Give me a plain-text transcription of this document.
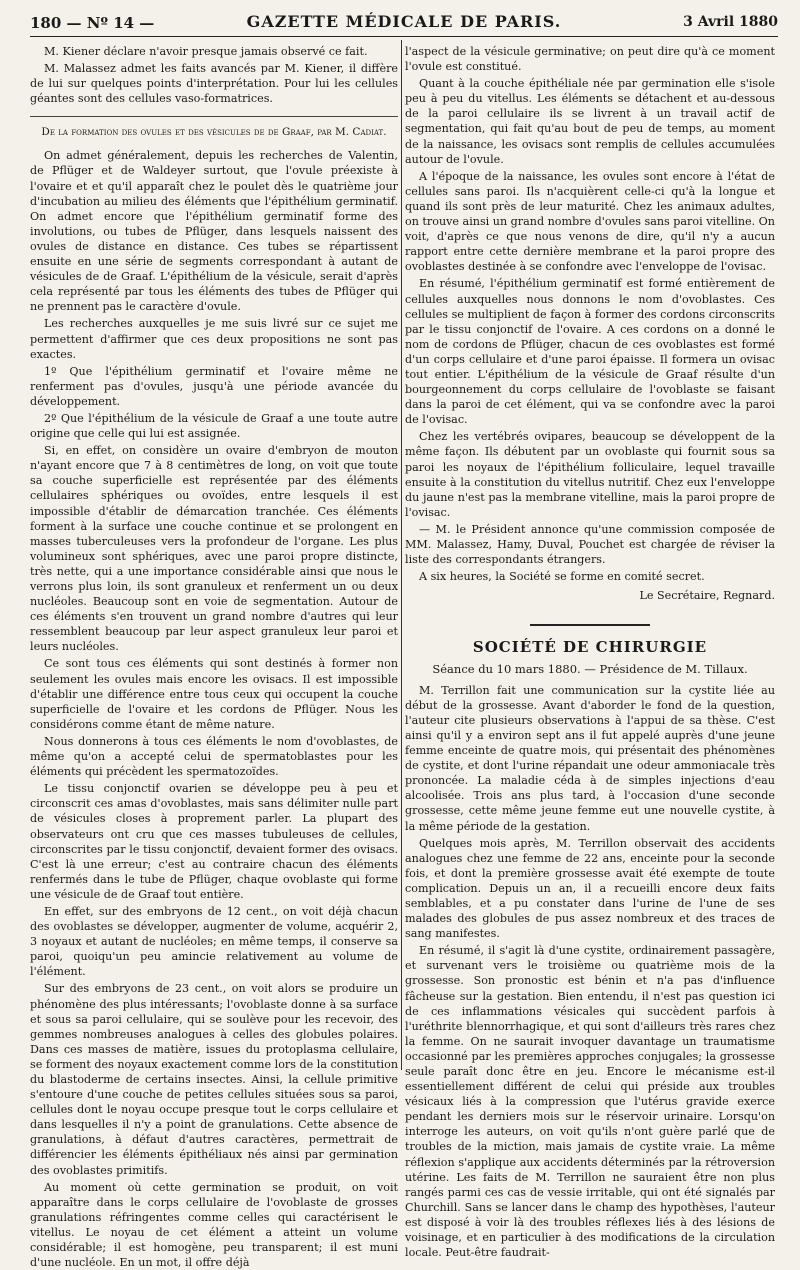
180 — Nº 14 —	GAZETTE MÉDICALE DE PARIS.	3 Avril 1880

M. Kiener déclare n'avoir presque jamais observé ce fait.

M. Malassez admet les faits avancés par M. Kiener, il diffère de lui sur quelques points d'interprétation. Pour lui les cellules géantes sont des cellules vaso-formatrices.

De la formation des ovules et des vésicules de de Graaf, par M. Cadiat.

On admet généralement, depuis les recherches de Valentin, de Pflüger et de Waldeyer surtout, que l'ovule préexiste à l'ovaire et et qu'il apparaît chez le poulet dès le quatrième jour d'incubation au milieu des éléments que l'épithélium germinatif. On admet encore que l'épithélium germinatif forme des involutions, ou tubes de Pflüger, dans lesquels naissent des ovules de distance en distance. Ces tubes se répartissent ensuite en une série de segments correspondant à autant de vésicules de de Graaf. L'épithélium de la vésicule, serait d'après cela représenté par tous les éléments des tubes de Pflüger qui ne prennent pas le caractère d'ovule.

Les recherches auxquelles je me suis livré sur ce sujet me permettent d'affirmer que ces deux propositions ne sont pas exactes.

1º Que l'épithélium germinatif et l'ovaire même ne renferment pas d'ovules, jusqu'à une période avancée du développement.

2º Que l'épithélium de la vésicule de Graaf a une toute autre origine que celle qui lui est assignée.

Si, en effet, on considère un ovaire d'embryon de mouton n'ayant encore que 7 à 8 centimètres de long, on voit que toute sa couche superficielle est représentée par des éléments cellulaires sphériques ou ovoïdes, entre lesquels il est impossible d'établir de démarcation tranchée. Ces éléments forment à la surface une couche continue et se prolongent en masses tuberculeuses vers la profondeur de l'organe. Les plus volumineux sont sphériques, avec une paroi propre distincte, très nette, qui a une importance considérable ainsi que nous le verrons plus loin, ils sont granuleux et renferment un ou deux nucléoles. Beaucoup sont en voie de segmentation. Autour de ces éléments s'en trouvent un grand nombre d'autres qui leur ressemblent beaucoup par leur aspect granuleux leur paroi et leurs nucléoles.

Ce sont tous ces éléments qui sont destinés à former non seulement les ovules mais encore les ovisacs. Il est impossible d'établir une différence entre tous ceux qui occupent la couche superficielle de l'ovaire et les cordons de Pflüger. Nous les considérons comme étant de même nature.

Nous donnerons à tous ces éléments le nom d'ovoblastes, de même qu'on a accepté celui de spermatoblastes pour les éléments qui précèdent les spermatozoïdes.

Le tissu conjonctif ovarien se développe peu à peu et circonscrit ces amas d'ovoblastes, mais sans délimiter nulle part de vésicules closes à proprement parler. La plupart des observateurs ont cru que ces masses tubuleuses de cellules, circonscrites par le tissu conjonctif, devaient former des ovisacs. C'est là une erreur; c'est au contraire chacun des éléments renfermés dans le tube de Pflüger, chaque ovoblaste qui forme une vésicule de de Graaf tout entière.

En effet, sur des embryons de 12 cent., on voit déjà chacun des ovoblastes se développer, augmenter de volume, acquérir 2, 3 noyaux et autant de nucléoles; en même temps, il conserve sa paroi, quoiqu'un peu amincie relativement au volume de l'élément.

Sur des embryons de 23 cent., on voit alors se produire un phénomène des plus intéressants; l'ovoblaste donne à sa surface et sous sa paroi cellulaire, qui se soulève pour les recevoir, des gemmes nombreuses analogues à celles des globules polaires. Dans ces masses de matière, issues du protoplasma cellulaire, se forment des noyaux exactement comme lors de la constitution du blastoderme de certains insectes. Ainsi, la cellule primitive s'entoure d'une couche de petites cellules situées sous sa paroi, cellules dont le noyau occupe presque tout le corps cellulaire et dans lesquelles il n'y a point de granulations. Cette absence de granulations, à défaut d'autres caractères, permettrait de différencier les éléments épithéliaux nés ainsi par germination des ovoblastes primitifs.

Au moment où cette germination se produit, on voit apparaître dans le corps cellulaire de l'ovoblaste de grosses granulations réfringentes comme celles qui caractérisent le vitellus. Le noyau de cet élément a atteint un volume considérable; il est homogène, peu transparent; il est muni d'une nucléole. En un mot, il offre déjà

l'aspect de la vésicule germinative; on peut dire qu'à ce moment l'ovule est constitué.

Quant à la couche épithéliale née par germination elle s'isole peu à peu du vitellus. Les éléments se détachent et au-dessous de la paroi cellulaire ils se livrent à un travail actif de segmentation, qui fait qu'au bout de peu de temps, au moment de la naissance, les ovisacs sont remplis de cellules accumulées autour de l'ovule.

A l'époque de la naissance, les ovules sont encore à l'état de cellules sans paroi. Ils n'acquièrent celle-ci qu'à la longue et quand ils sont près de leur maturité. Chez les animaux adultes, on trouve ainsi un grand nombre d'ovules sans paroi vitelline. On voit, d'après ce que nous venons de dire, qu'il n'y a aucun rapport entre cette dernière membrane et la paroi propre des ovoblastes destinée à se confondre avec l'enveloppe de l'ovisac.

En résumé, l'épithélium germinatif est formé entièrement de cellules auxquelles nous donnons le nom d'ovoblastes. Ces cellules se multiplient de façon à former des cordons circonscrits par le tissu conjonctif de l'ovaire. A ces cordons on a donné le nom de cordons de Pflüger, chacun de ces ovoblastes est formé d'un corps cellulaire et d'une paroi épaisse. Il formera un ovisac tout entier. L'épithélium de la vésicule de Graaf résulte d'un bourgeonnement du corps cellulaire de l'ovoblaste se faisant dans la paroi de cet élément, qui va se confondre avec la paroi de l'ovisac.

Chez les vertébrés ovipares, beaucoup se développent de la même façon. Ils débutent par un ovoblaste qui fournit sous sa paroi les noyaux de l'épithélium folliculaire, lequel travaille ensuite à la constitution du vitellus nutritif. Chez eux l'enveloppe du jaune n'est pas la membrane vitelline, mais la paroi propre de l'ovisac.

— M. le Président annonce qu'une commission composée de MM. Malassez, Hamy, Duval, Pouchet est chargée de réviser la liste des correspondants étrangers.

A six heures, la Société se forme en comité secret.

Le Secrétaire, Regnard.

SOCIÉTÉ DE CHIRURGIE
Séance du 10 mars 1880. — Présidence de M. Tillaux.

M. Terrillon fait une communication sur la cystite liée au début de la grossesse. Avant d'aborder le fond de la question, l'auteur cite plusieurs observations à l'appui de sa thèse. C'est ainsi qu'il y a environ sept ans il fut appelé auprès d'une jeune femme enceinte de quatre mois, qui présentait des phénomènes de cystite, et dont l'urine répandait une odeur ammoniacale très prononcée. La maladie céda à de simples injections d'eau alcoolisée. Trois ans plus tard, à l'occasion d'une seconde grossesse, cette même jeune femme eut une nouvelle cystite, à la même période de la gestation.

Quelques mois après, M. Terrillon observait des accidents analogues chez une femme de 22 ans, enceinte pour la seconde fois, et dont la première grossesse avait été exempte de toute complication. Depuis un an, il a recueilli encore deux faits semblables, et a pu constater dans l'urine de l'une de ses malades des globules de pus assez nombreux et des traces de sang manifestes.

En résumé, il s'agit là d'une cystite, ordinairement passagère, et survenant vers le troisième ou quatrième mois de la grossesse. Son pronostic est bénin et n'a pas d'influence fâcheuse sur la gestation. Bien entendu, il n'est pas question ici de ces inflammations vésicales qui succèdent parfois à l'uréthrite blennorrhagique, et qui sont d'ailleurs très rares chez la femme. On ne saurait invoquer davantage un traumatisme occasionné par les premières approches conjugales; la grossesse seule paraît donc être en jeu. Encore le mécanisme est-il essentiellement différent de celui qui préside aux troubles vésicaux liés à la compression que l'utérus gravide exerce pendant les derniers mois sur le réservoir urinaire. Lorsqu'on interroge les auteurs, on voit qu'ils n'ont guère parlé que de troubles de la miction, mais jamais de cystite vraie. La même réflexion s'applique aux accidents déterminés par la rétroversion utérine. Les faits de M. Terrillon ne sauraient être non plus rangés parmi ces cas de vessie irritable, qui ont été signalés par Churchill. Sans se lancer dans le champ des hypothèses, l'auteur est disposé à voir là des troubles réflexes liés à des lésions de voisinage, et en particulier à des modifications de la circulation locale. Peut-être faudrait-
